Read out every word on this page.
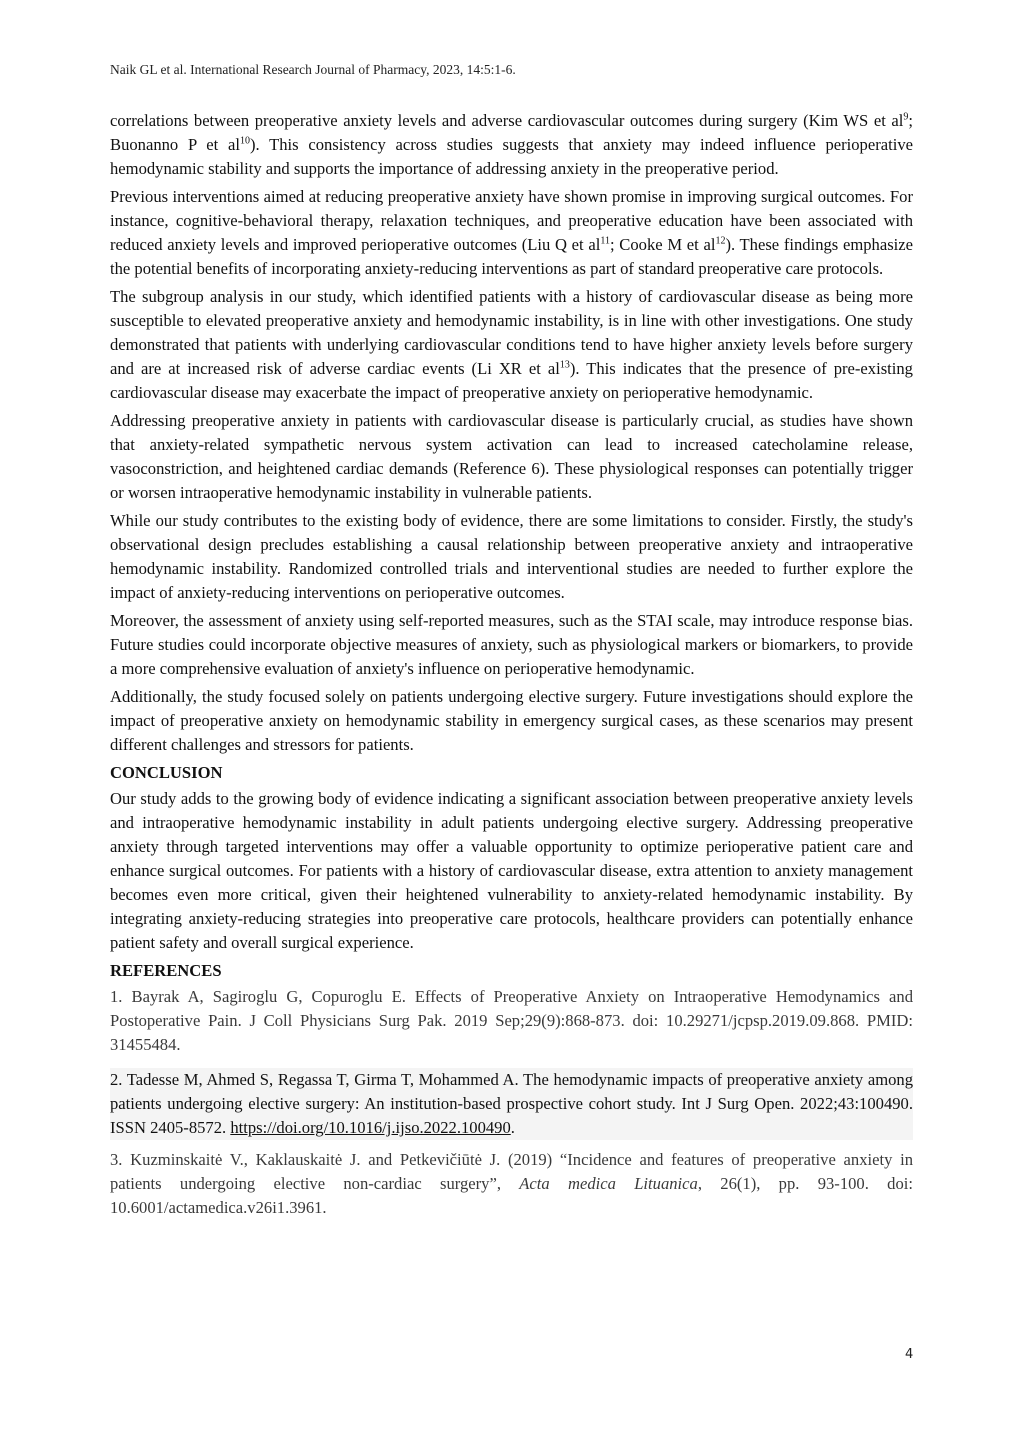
Naik GL et al. International Research Journal of Pharmacy, 2023, 14:5:1-6.

correlations between preoperative anxiety levels and adverse cardiovascular outcomes during surgery (Kim WS et $al^9$; Buonanno P et $al^{10}$). This consistency across studies suggests that anxiety may indeed influence perioperative hemodynamic stability and supports the importance of addressing anxiety in the preoperative period.

Previous interventions aimed at reducing preoperative anxiety have shown promise in improving surgical outcomes. For instance, cognitive-behavioral therapy, relaxation techniques, and preoperative education have been associated with reduced anxiety levels and improved perioperative outcomes (Liu Q et $al^{11}$; Cooke M et $al^{12}$). These findings emphasize the potential benefits of incorporating anxiety-reducing interventions as part of standard preoperative care protocols.

The subgroup analysis in our study, which identified patients with a history of cardiovascular disease as being more susceptible to elevated preoperative anxiety and hemodynamic instability, is in line with other investigations. One study demonstrated that patients with underlying cardiovascular conditions tend to have higher anxiety levels before surgery and are at increased risk of adverse cardiac events (Li XR et $al^{13}$). This indicates that the presence of pre-existing cardiovascular disease may exacerbate the impact of preoperative anxiety on perioperative hemodynamic.

Addressing preoperative anxiety in patients with cardiovascular disease is particularly crucial, as studies have shown that anxiety-related sympathetic nervous system activation can lead to increased catecholamine release, vasoconstriction, and heightened cardiac demands (Reference 6). These physiological responses can potentially trigger or worsen intraoperative hemodynamic instability in vulnerable patients.

While our study contributes to the existing body of evidence, there are some limitations to consider. Firstly, the study's observational design precludes establishing a causal relationship between preoperative anxiety and intraoperative hemodynamic instability. Randomized controlled trials and interventional studies are needed to further explore the impact of anxiety-reducing interventions on perioperative outcomes.

Moreover, the assessment of anxiety using self-reported measures, such as the STAI scale, may introduce response bias. Future studies could incorporate objective measures of anxiety, such as physiological markers or biomarkers, to provide a more comprehensive evaluation of anxiety's influence on perioperative hemodynamic.

Additionally, the study focused solely on patients undergoing elective surgery. Future investigations should explore the impact of preoperative anxiety on hemodynamic stability in emergency surgical cases, as these scenarios may present different challenges and stressors for patients.

CONCLUSION

Our study adds to the growing body of evidence indicating a significant association between preoperative anxiety levels and intraoperative hemodynamic instability in adult patients undergoing elective surgery. Addressing preoperative anxiety through targeted interventions may offer a valuable opportunity to optimize perioperative patient care and enhance surgical outcomes. For patients with a history of cardiovascular disease, extra attention to anxiety management becomes even more critical, given their heightened vulnerability to anxiety-related hemodynamic instability. By integrating anxiety-reducing strategies into preoperative care protocols, healthcare providers can potentially enhance patient safety and overall surgical experience.

REFERENCES

1. Bayrak A, Sagiroglu G, Copuroglu E. Effects of Preoperative Anxiety on Intraoperative Hemodynamics and Postoperative Pain. J Coll Physicians Surg Pak. 2019 Sep;29(9):868-873. doi: 10.29271/jcpsp.2019.09.868. PMID: 31455484.

2. Tadesse M, Ahmed S, Regassa T, Girma T, Mohammed A. The hemodynamic impacts of preoperative anxiety among patients undergoing elective surgery: An institution-based prospective cohort study. Int J Surg Open. 2022;43:100490. ISSN 2405-8572. https://doi.org/10.1016/j.ijso.2022.100490.

3. Kuzminskaitė V., Kaklauskaitė J. and Petkevičiūtė J. (2019) “Incidence and features of preoperative anxiety in patients undergoing elective non-cardiac surgery”, Acta medica Lituanica, 26(1), pp. 93-100. doi: 10.6001/actamedica.v26i1.3961.

4
